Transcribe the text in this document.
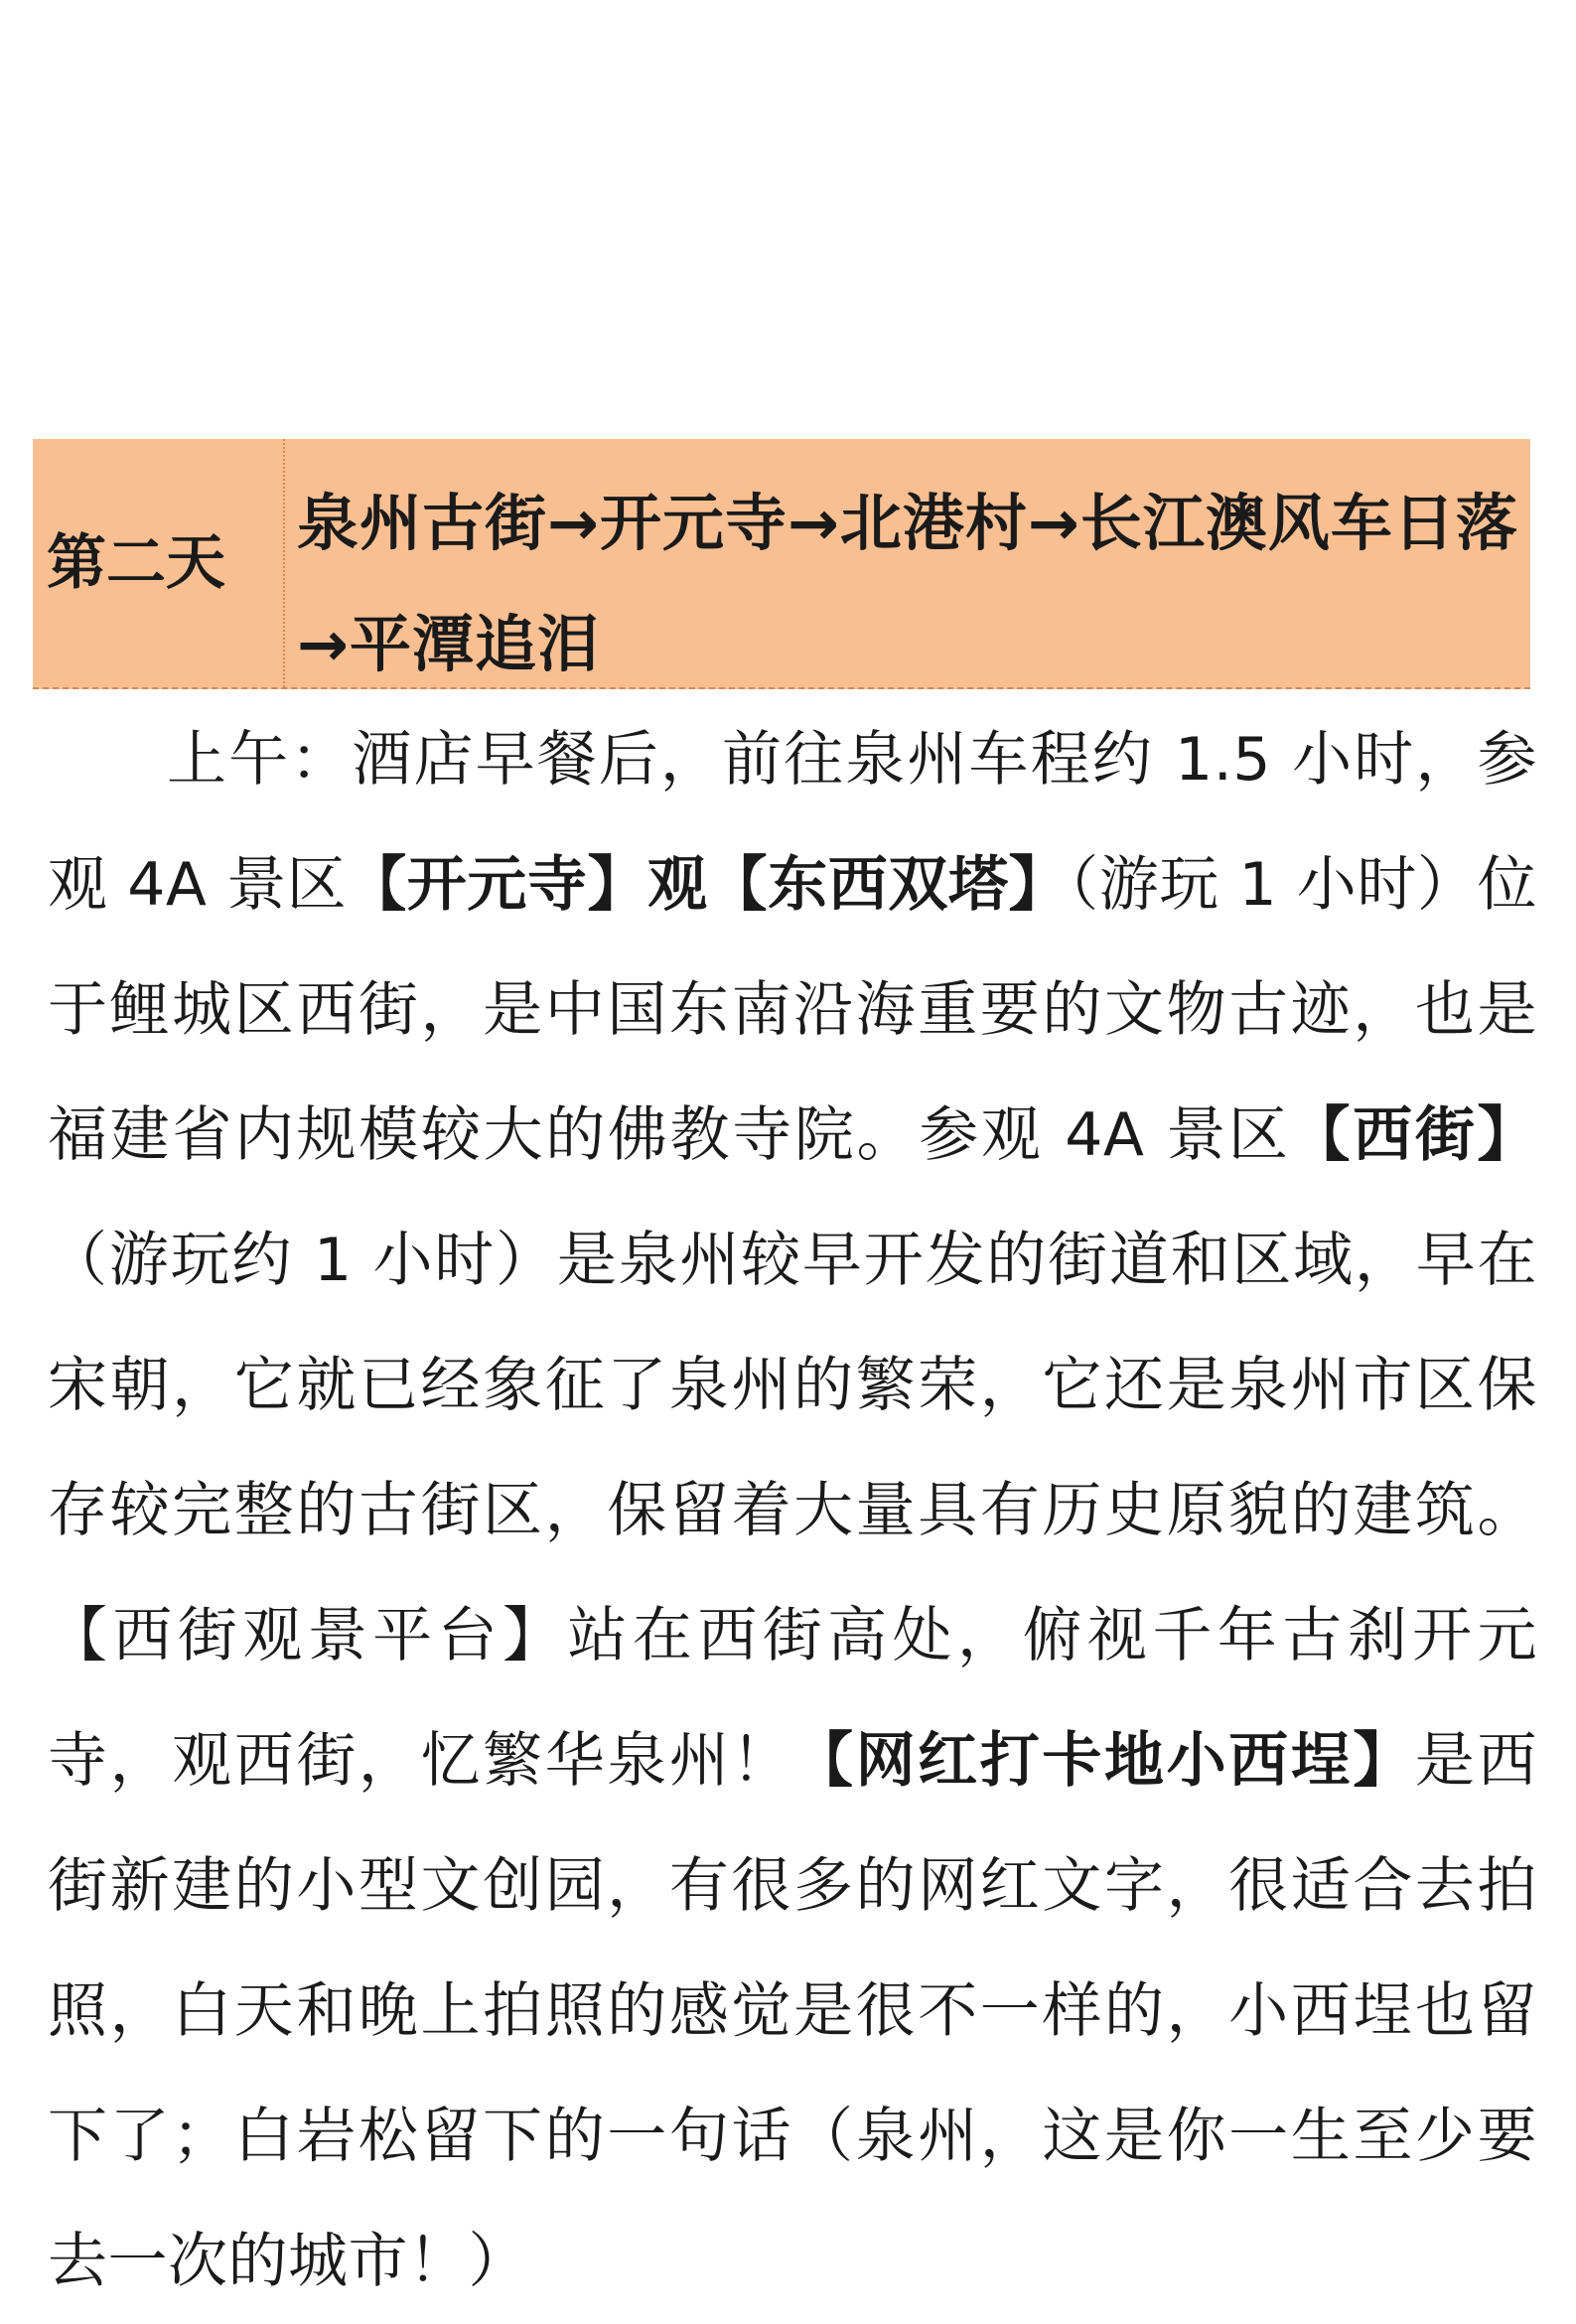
第二天

泉州古街→开元寺→北港村→长江澳风车日落→平潭追泪

上午：酒店早餐后，前往泉州车程约 1.5 小时，参观 4A 景区【开元寺】观【东西双塔】（游玩 1 小时）位于鲤城区西街，是中国东南沿海重要的文物古迹，也是福建省内规模较大的佛教寺院。参观 4A 景区【西街】（游玩约 1 小时）是泉州较早开发的街道和区域，早在宋朝，它就已经象征了泉州的繁荣，它还是泉州市区保存较完整的古街区，保留着大量具有历史原貌的建筑。【西街观景平台】站在西街高处，俯视千年古刹开元寺，观西街，忆繁华泉州！【网红打卡地小西埕】是西街新建的小型文创园，有很多的网红文字，很适合去拍照，白天和晚上拍照的感觉是很不一样的，小西埕也留下了；白岩松留下的一句话（泉州，这是你一生至少要去一次的城市！）
